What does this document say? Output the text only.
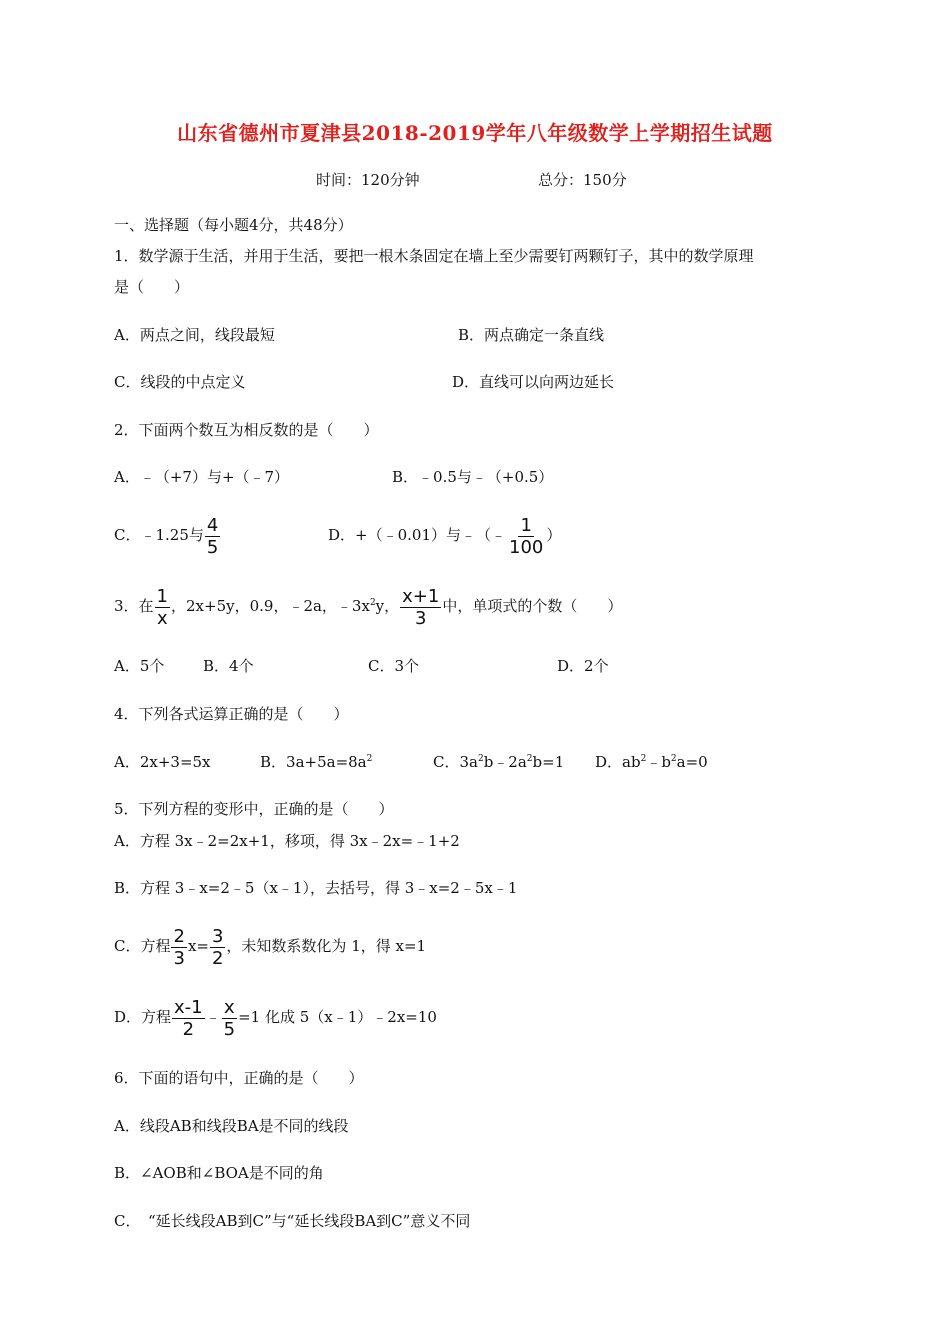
山东省德州市夏津县2018-2019学年八年级数学上学期招生试题
时间：120分钟	总分：150分
一、选择题（每小题4分，共48分）
1．数学源于生活，并用于生活，要把一根木条固定在墙上至少需要钉两颗钉子，其中的数学原理
是（　　）
A．两点之间，线段最短	B．两点确定一条直线
C．线段的中点定义	D．直线可以向两边延长
2．下面两个数互为相反数的是（　　）
A．﹣（+7）与+（﹣7）	B．﹣0.5与﹣（+0.5）
C．﹣1.25与 $\frac{4}{5}$	D．+（﹣0.01）与﹣（﹣ $\frac{1}{100}$ ）
3．在 $\frac{1}{x}$ ，2x+5y，0.9，﹣2a，$﹣3x^2y$， $\frac{x+1}{3}$ 中，单项式的个数（　　）
A．5个	B．4个	C．3个	D．2个
4．下列各式运算正确的是（　　）
A．2x+3=5x	B．$3a+5a=8a^2$	C．$3a^2b﹣2a^2b=1$ D．$ab^2﹣b^2a=0$
5．下列方程的变形中，正确的是（　　）
A．方程 3x﹣2=2x+1，移项，得 3x﹣2x=﹣1+2
B．方程 3﹣x=2﹣5（x﹣1），去括号，得 3﹣x=2﹣5x﹣1
C．方程 $\frac{2}{3} x= \frac{3}{2}$ ，未知数系数化为 1，得 x=1
D．方程 $\frac{x-1}{2}$ ﹣ $\frac{x}{5} =1$ 化成 5（x﹣1）﹣2x=10
6．下面的语句中，正确的是（　　）
A．线段AB和线段BA是不同的线段
B．∠AOB和∠BOA是不同的角
C．　“延长线段AB到C”与“延长线段BA到C”意义不同
